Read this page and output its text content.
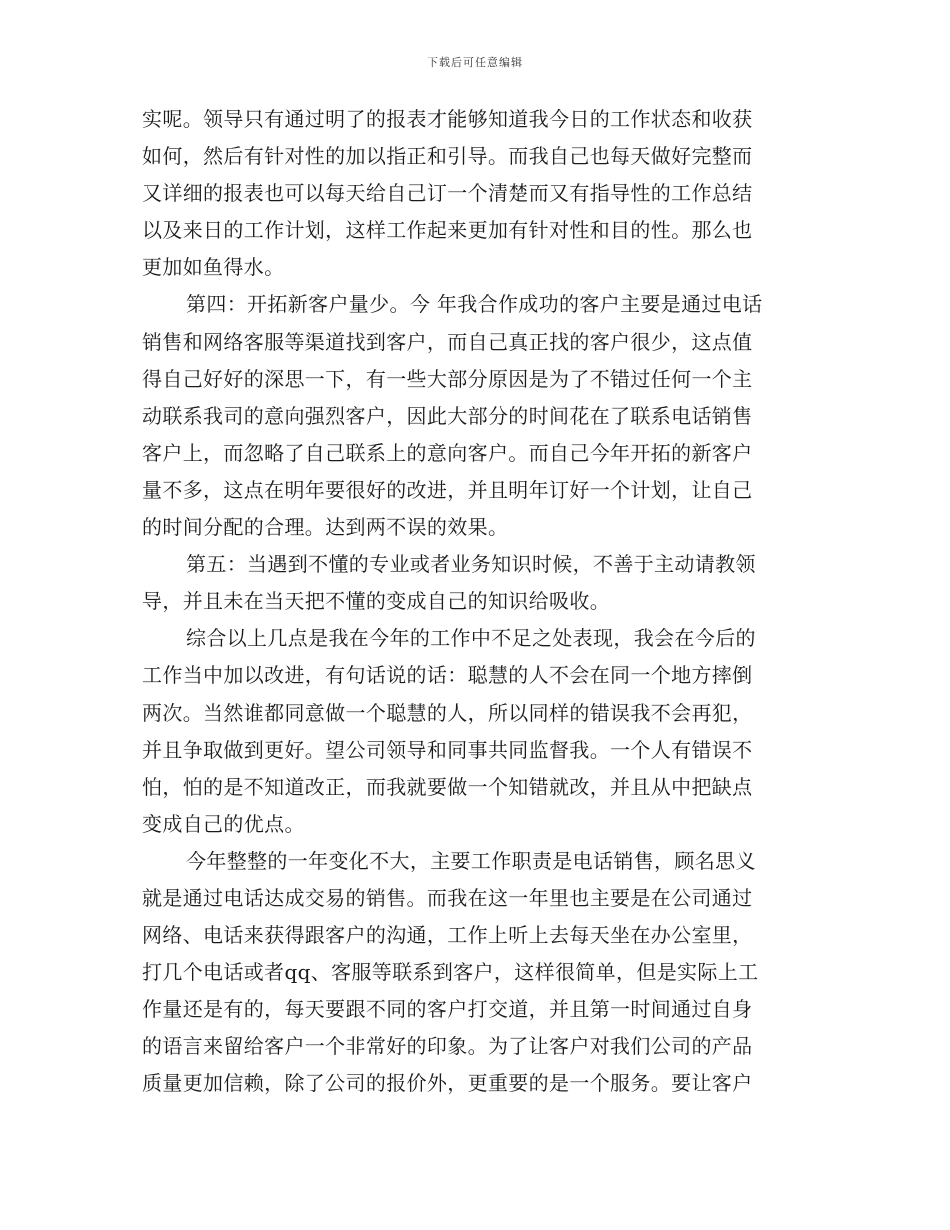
下载后可任意编辑
实呢。领导只有通过明了的报表才能够知道我今日的工作状态和收获
如何，然后有针对性的加以指正和引导。而我自己也每天做好完整而
又详细的报表也可以每天给自己订一个清楚而又有指导性的工作总结
以及来日的工作计划，这样工作起来更加有针对性和目的性。那么也
更加如鱼得水。
第四：开拓新客户量少。今 年我合作成功的客户主要是通过电话
销售和网络客服等渠道找到客户，而自己真正找的客户很少，这点值
得自己好好的深思一下，有一些大部分原因是为了不错过任何一个主
动联系我司的意向强烈客户，因此大部分的时间花在了联系电话销售
客户上，而忽略了自己联系上的意向客户。而自己今年开拓的新客户
量不多，这点在明年要很好的改进，并且明年订好一个计划，让自己
的时间分配的合理。达到两不误的效果。
第五：当遇到不懂的专业或者业务知识时候，不善于主动请教领
导，并且未在当天把不懂的变成自己的知识给吸收。
综合以上几点是我在今年的工作中不足之处表现，我会在今后的
工作当中加以改进，有句话说的话：聪慧的人不会在同一个地方摔倒
两次。当然谁都同意做一个聪慧的人，所以同样的错误我不会再犯，
并且争取做到更好。望公司领导和同事共同监督我。一个人有错误不
怕，怕的是不知道改正，而我就要做一个知错就改，并且从中把缺点
变成自己的优点。
今年整整的一年变化不大，主要工作职责是电话销售，顾名思义
就是通过电话达成交易的销售。而我在这一年里也主要是在公司通过
网络、电话来获得跟客户的沟通，工作上听上去每天坐在办公室里，
打几个电话或者qq、客服等联系到客户，这样很简单，但是实际上工
作量还是有的，每天要跟不同的客户打交道，并且第一时间通过自身
的语言来留给客户一个非常好的印象。为了让客户对我们公司的产品
质量更加信赖，除了公司的报价外，更重要的是一个服务。要让客户
